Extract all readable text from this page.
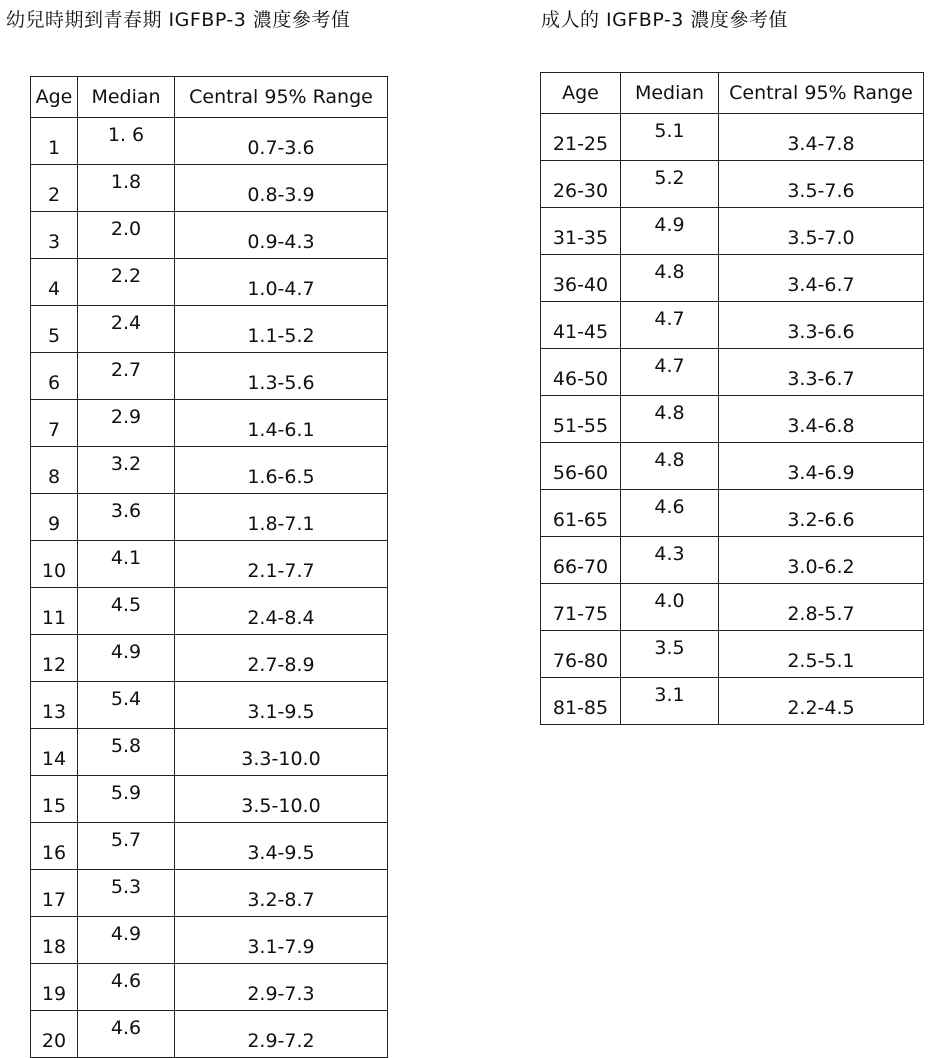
幼兒時期到青春期 IGFBP-3 濃度參考值	成人的 IGFBP-3 濃度參考值
Age	Median	Central 95% Range
1	1. 6	0.7-3.6
2	1.8	0.8-3.9
3	2.0	0.9-4.3
4	2.2	1.0-4.7
5	2.4	1.1-5.2
6	2.7	1.3-5.6
7	2.9	1.4-6.1
8	3.2	1.6-6.5
9	3.6	1.8-7.1
10	4.1	2.1-7.7
11	4.5	2.4-8.4
12	4.9	2.7-8.9
13	5.4	3.1-9.5
14	5.8	3.3-10.0
15	5.9	3.5-10.0
16	5.7	3.4-9.5
17	5.3	3.2-8.7
18	4.9	3.1-7.9
19	4.6	2.9-7.3
20	4.6	2.9-7.2
Age	Median	Central 95% Range
21-25	5.1	3.4-7.8
26-30	5.2	3.5-7.6
31-35	4.9	3.5-7.0
36-40	4.8	3.4-6.7
41-45	4.7	3.3-6.6
46-50	4.7	3.3-6.7
51-55	4.8	3.4-6.8
56-60	4.8	3.4-6.9
61-65	4.6	3.2-6.6
66-70	4.3	3.0-6.2
71-75	4.0	2.8-5.7
76-80	3.5	2.5-5.1
81-85	3.1	2.2-4.5
